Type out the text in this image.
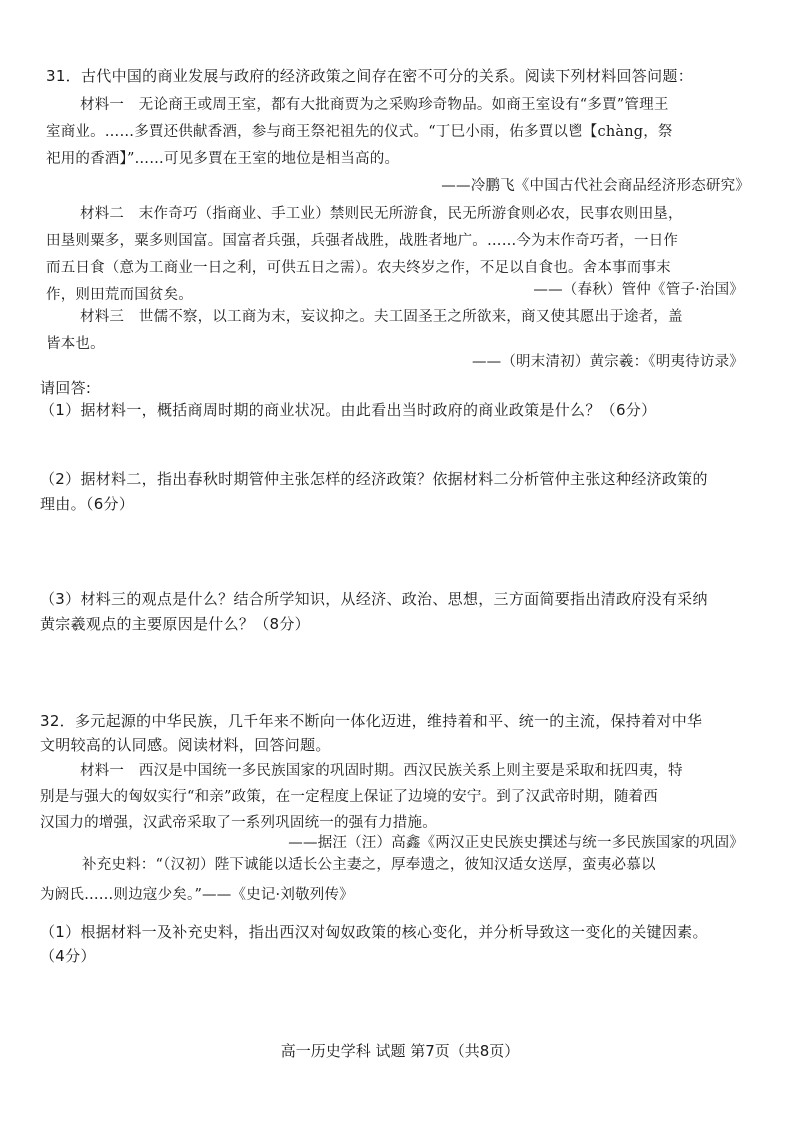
31．古代中国的商业发展与政府的经济政策之间存在密不可分的关系。阅读下列材料回答问题：
材料一　无论商王或周王室，都有大批商贾为之采购珍奇物品。如商王室设有“多賈”管理王
室商业。……多賈还供献香酒，参与商王祭祀祖先的仪式。“丁巳小雨，佑多賈以鬯【chàng，祭
祀用的香酒】”……可见多賈在王室的地位是相当高的。
——冷鹏飞《中国古代社会商品经济形态研究》
材料二　末作奇巧（指商业、手工业）禁则民无所游食，民无所游食则必农，民事农则田垦，
田垦则粟多，粟多则国富。国富者兵强，兵强者战胜，战胜者地广。……今为末作奇巧者，一日作
而五日食（意为工商业一日之利，可供五日之需）。农夫终岁之作，不足以自食也。舍本事而事末
作，则田荒而国贫矣。	——（春秋）管仲《管子·治国》
材料三　世儒不察，以工商为末，妄议抑之。夫工固圣王之所欲来，商又使其愿出于途者，盖
皆本也。
——（明末清初）黄宗羲：《明夷待访录》
请回答:
（1）据材料一，概括商周时期的商业状况。由此看出当时政府的商业政策是什么？（6分）
（2）据材料二，指出春秋时期管仲主张怎样的经济政策？依据材料二分析管仲主张这种经济政策的
理由。（6分）
（3）材料三的观点是什么？结合所学知识，从经济、政治、思想，三方面简要指出清政府没有采纳
黄宗羲观点的主要原因是什么？（8分）
32．多元起源的中华民族，几千年来不断向一体化迈进，维持着和平、统一的主流，保持着对中华
文明较高的认同感。阅读材料，回答问题。
材料一　西汉是中国统一多民族国家的巩固时期。西汉民族关系上则主要是采取和抚四夷，特
别是与强大的匈奴实行“和亲”政策，在一定程度上保证了边境的安宁。到了汉武帝时期，随着西
汉国力的增强，汉武帝采取了一系列巩固统一的强有力措施。
——据汪（汪）高鑫《两汉正史民族史撰述与统一多民族国家的巩固》
补充史料：“（汉初）陛下诚能以适长公主妻之，厚奉遗之，彼知汉适女送厚，蛮夷必慕以
为阏氏……则边寇少矣。”——《史记·刘敬列传》
（1）根据材料一及补充史料，指出西汉对匈奴政策的核心变化，并分析导致这一变化的关键因素。
（4分）
高一历史学科 试题 第7页（共8页）
